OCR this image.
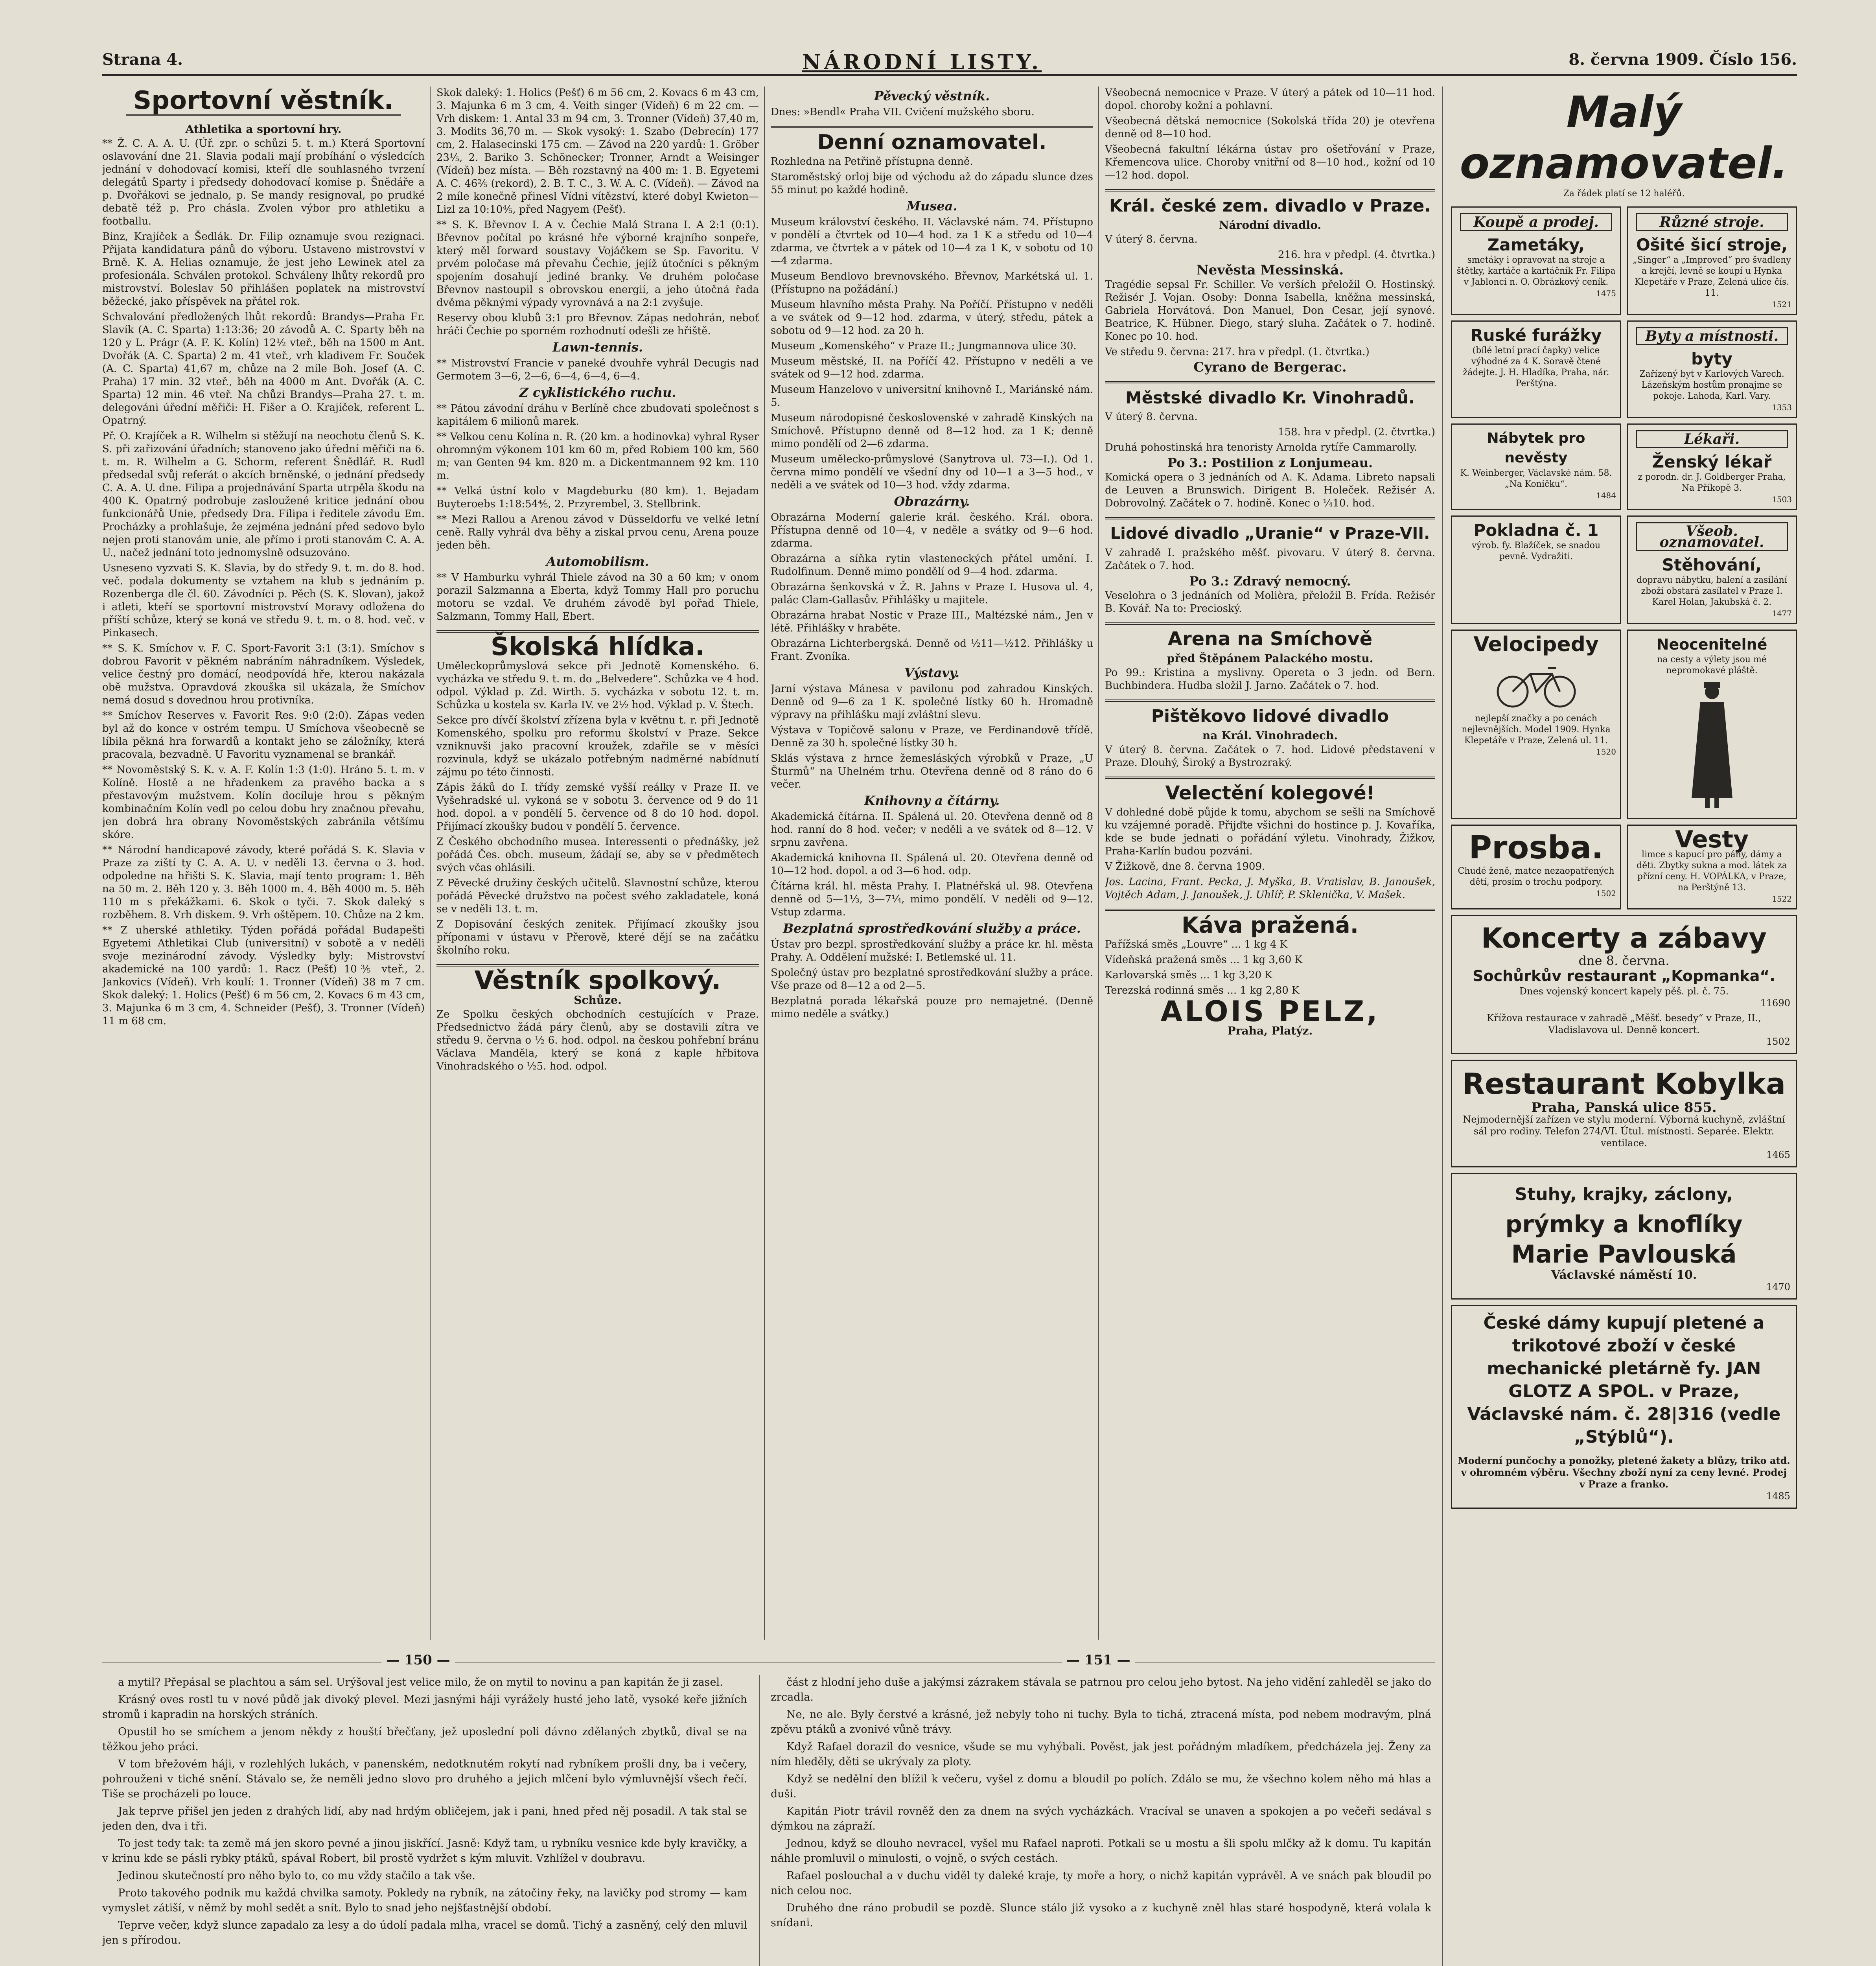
Strana 4.	NÁRODNÍ LISTY.	8. června 1909. Číslo 156.
Sportovní věstník.
Athletika a sportovní hry.

** Ž. C. A. A. U. (Úř. zpr. o schůzi 5. t. m.) Která Sportovní oslavování dne 21. Slavia podali mají probíhání o výsledcích jednání v dohodovací komisi, kteří dle souhlasného tvrzení delegátů Sparty i předsedy dohodovací komise p. Šnědáře a p. Dvořákovi se jednalo, p. Se mandy resignoval, po prudké debatě též p. Pro chásla. Zvolen výbor pro athletiku a footballu.

Binz, Krajíček a Šedlák. Dr. Filip oznamuje svou rezignaci. Přijata kandidatura pánů do výboru. Ustaveno mistrovství v Brně. K. A. Helias oznamuje, že jest jeho Lewinek atel za profesionála. Schválen protokol. Schváleny lhůty rekordů pro mistrovství. Boleslav 50 přihlášen poplatek na mistrovství běžecké, jako příspěvek na přátel rok.

Schvalování předložených lhůt rekordů: Brandys—Praha Fr. Slavík (A. C. Sparta) 1:13:36; 20 závodů A. C. Sparty běh na 120 y L. Prágr (A. F. K. Kolín) 12½ vteř., běh na 1500 m Ant. Dvořák (A. C. Sparta) 2 m. 41 vteř., vrh kladivem Fr. Souček (A. C. Sparta) 41,67 m, chůze na 2 míle Boh. Josef (A. C. Praha) 17 min. 32 vteř., běh na 4000 m Ant. Dvořák (A. C. Sparta) 12 min. 46 vteř. Na chůzi Brandys—Praha 27. t. m. delegováni úřední měřiči: H. Fišer a O. Krajíček, referent L. Opatrný.

Př. O. Krajíček a R. Wilhelm si stěžují na neochotu členů S. K. S. při zařizování úřadních; stanoveno jako úřední měřiči na 6. t. m. R. Wilhelm a G. Schorm, referent Šnědlář. R. Rudl předsedal svůj referát o akcích brněnské, o jednání předsedy C. A. A. U. dne. Filipa a projednávání Sparta utrpěla škodu na 400 K. Opatrný podrobuje zasloužené kritice jednání obou funkcionářů Unie, předsedy Dra. Filipa i ředitele závodu Em. Procházky a prohlašuje, že zejména jednání před sedovo bylo nejen proti stanovám unie, ale přímo i proti stanovám C. A. A. U., načež jednání toto jednomyslně odsuzováno.

Usneseno vyzvati S. K. Slavia, by do středy 9. t. m. do 8. hod. več. podala dokumenty se vztahem na klub s jednáním p. Rozenberga dle čl. 60. Závodníci p. Pěch (S. K. Slovan), jakož i atleti, kteří se sportovní mistrovství Moravy odložena do příští schůze, který se koná ve středu 9. t. m. o 8. hod. več. v Pinkasech.

** S. K. Smíchov v. F. C. Sport-Favorit 3:1 (3:1). Smíchov s dobrou Favorit v pěkném nabráním náhradníkem. Výsledek, velice čestný pro domácí, neodpovídá hře, kterou nakázala obě mužstva. Opravdová zkouška sil ukázala, že Smíchov nemá dosud s dovednou hrou protivníka.

** Smíchov Reserves v. Favorit Res. 9:0 (2:0). Zápas veden byl až do konce v ostrém tempu. U Smíchova všeobecně se líbila pěkná hra forwardů a kontakt jeho se záložníky, která pracovala, bezvadně. U Favoritu vyznamenal se brankář.

** Novoměstský S. K. v. A. F. Kolín 1:3 (1:0). Hráno 5. t. m. v Kolíně. Hostě a ne hřadenkem za pravého backa a s přestavovým mužstvem. Kolín docíluje hrou s pěkným kombinačním Kolín vedl po celou dobu hry značnou převahu, jen dobrá hra obrany Novoměstských zabránila většímu skóre.

** Národní handicapové závody, které pořádá S. K. Slavia v Praze za ziští ty C. A. A. U. v neděli 13. června o 3. hod. odpoledne na hřišti S. K. Slavia, mají tento program: 1. Běh na 50 m. 2. Běh 120 y. 3. Běh 1000 m. 4. Běh 4000 m. 5. Běh 110 m s překážkami. 6. Skok o tyči. 7. Skok daleký s rozběhem. 8. Vrh diskem. 9. Vrh oštěpem. 10. Chůze na 2 km.

** Z uherské athletiky. Týden pořádá pořádal Budapešti Egyetemi Athletikai Club (universitní) v sobotě a v neděli svoje mezinárodní závody. Výsledky byly: Mistrovství akademické na 100 yardů: 1. Racz (Pešť) 10⅗ vteř., 2. Jankovics (Vídeň). Vrh koulí: 1. Tronner (Vídeň) 38 m 7 cm. Skok daleký: 1. Holics (Pešť) 6 m 56 cm, 2. Kovacs 6 m 43 cm, 3. Majunka 6 m 3 cm, 4. Schneider (Pešť), 3. Tronner (Vídeň) 11 m 68 cm.

Skok daleký: 1. Holics (Pešť) 6 m 56 cm, 2. Kovacs 6 m 43 cm, 3. Majunka 6 m 3 cm, 4. Veith singer (Vídeň) 6 m 22 cm. — Vrh diskem: 1. Antal 33 m 94 cm, 3. Tronner (Vídeň) 37,40 m, 3. Modits 36,70 m. — Skok vysoký: 1. Szabo (Debrecín) 177 cm, 2. Halasecinski 175 cm. — Závod na 220 yardů: 1. Gröber 23⅕, 2. Bariko 3. Schönecker; Tronner, Arndt a Weisinger (Vídeň) bez místa. — Běh rozstavný na 400 m: 1. B. Egyetemi A. C. 46⅖ (rekord), 2. B. T. C., 3. W. A. C. (Vídeň). — Závod na 2 míle konečně přinesl Vídni vítězství, které dobyl Kwieton—Lizl za 10:10⅘, před Nagyem (Pešť).

** S. K. Břevnov I. A v. Čechie Malá Strana I. A 2:1 (0:1). Břevnov počítal po krásné hře výborné krajního sonpeře, který měl forward soustavy Vojáčkem se Sp. Favoritu. V prvém poločase má převahu Čechie, jejíž útočníci s pěkným spojením dosahují jediné branky. Ve druhém poločase Břevnov nastoupil s obrovskou energií, a jeho útočná řada dvěma pěknými výpady vyrovnává a na 2:1 zvyšuje.

Reservy obou klubů 3:1 pro Břevnov. Zápas nedohrán, neboť hráči Čechie po sporném rozhodnutí odešli ze hřiště.

Lawn-tennis.

** Mistrovství Francie v paneké dvouhře vyhrál Decugis nad Germotem 3—6, 2—6, 6—4, 6—4, 6—4.

Z cyklistického ruchu.

** Pátou závodní dráhu v Berlíně chce zbudovati společnost s kapitálem 6 milionů marek.

** Velkou cenu Kolína n. R. (20 km. a hodinovka) vyhral Ryser ohromným výkonem 101 km 60 m, před Robiem 100 km, 560 m; van Genten 94 km. 820 m. a Dickentmannem 92 km. 110 m.

** Velká ústní kolo v Magdeburku (80 km). 1. Bejadam Buyteroebs 1:18:54⅘, 2. Przyrembel, 3. Stellbrink.

** Mezi Rallou a Arenou závod v Düsseldorfu ve velké letní ceně. Rally vyhrál dva běhy a ziskal prvou cenu, Arena pouze jeden běh.

Automobilism.

** V Hamburku vyhrál Thiele závod na 30 a 60 km; v onom porazil Salzmanna a Eberta, když Tommy Hall pro poruchu motoru se vzdal. Ve druhém závodě byl pořad Thiele, Salzmann, Tommy Hall, Ebert.

Školská hlídka.

Uměleckoprůmyslová sekce při Jednotě Komenského. 6. vycházka ve středu 9. t. m. do „Belvedere“. Schůzka ve 4 hod. odpol. Výklad p. Zd. Wirth. 5. vycházka v sobotu 12. t. m. Schůzka u kostela sv. Karla IV. ve 2½ hod. Výklad p. V. Štech.

Sekce pro dívčí školství zřízena byla v květnu t. r. při Jednotě Komenského, spolku pro reformu školství v Praze. Sekce vzniknuvši jako pracovní kroužek, zdařile se v měsíci rozvinula, když se ukázalo potřebným nadměrné nabídnutí zájmu po této činnosti.

Zápis žáků do I. třídy zemské vyšší reálky v Praze II. ve Vyšehradské ul. vykoná se v sobotu 3. července od 9 do 11 hod. dopol. a v pondělí 5. července od 8 do 10 hod. dopol. Přijímací zkoušky budou v pondělí 5. července.

Z Českého obchodního musea. Interessenti o přednášky, jež pořádá Čes. obch. museum, žádají se, aby se v předmětech svých včas ohlásili.

Z Pěvecké družiny českých učitelů. Slavnostní schůze, kterou pořádá Pěvecké družstvo na počest svého zakladatele, koná se v neděli 13. t. m.

Z Dopisování českých zenitek. Přijímací zkoušky jsou příponami v ústavu v Přerově, které dějí se na začátku školního roku.

Věstník spolkový.
Schůze.

Ze Spolku českých obchodních cestujících v Praze. Předsednictvo žádá páry členů, aby se dostavili zítra ve středu 9. června o ½ 6. hod. odpol. na českou pohřební bránu Václava Manděla, který se koná z kaple hřbitova Vinohradského o ½5. hod. odpol.

Pěvecký věstník.

Dnes: »Bendl« Praha VII. Cvičení mužského sboru.

Denní oznamovatel.

Rozhledna na Petřině přístupna denně.

Staroměstský orloj bije od východu až do západu slunce dzes 55 minut po každé hodině.

Musea.

Museum království českého. II. Václavské nám. 74. Přístupno v pondělí a čtvrtek od 10—4 hod. za 1 K a středu od 10—4 zdarma, ve čtvrtek a v pátek od 10—4 za 1 K, v sobotu od 10—4 zdarma.

Museum Bendlovo brevnovského. Břevnov, Markétská ul. 1. (Přístupno na požádání.)

Museum hlavního města Prahy. Na Poříčí. Přístupno v neděli a ve svátek od 9—12 hod. zdarma, v úterý, středu, pátek a sobotu od 9—12 hod. za 20 h.

Museum „Komenského“ v Praze II.; Jungmannova ulice 30.

Museum městské, II. na Poříčí 42. Přístupno v neděli a ve svátek od 9—12 hod. zdarma.

Museum Hanzelovo v universitní knihovně I., Mariánské nám. 5.

Museum národopisné československé v zahradě Kinských na Smíchově. Přístupno denně od 8—12 hod. za 1 K; denně mimo pondělí od 2—6 zdarma.

Museum umělecko-průmyslové (Sanytrova ul. 73—I.). Od 1. června mimo pondělí ve všední dny od 10—1 a 3—5 hod., v neděli a ve svátek od 10—3 hod. vždy zdarma.

Obrazárny.

Obrazárna Moderní galerie král. českého. Král. obora. Přístupna denně od 10—4, v neděle a svátky od 9—6 hod. zdarma.

Obrazárna a síňka rytin vlasteneckých přátel umění. I. Rudolfinum. Denně mimo pondělí od 9—4 hod. zdarma.

Obrazárna šenkovská v Ž. R. Jahns v Praze I. Husova ul. 4, palác Clam-Gallasův. Přihlášky u majitele.

Obrazárna hrabat Nostic v Praze III., Maltézské nám., Jen v létě. Přihlášky v hraběte.

Obrazárna Lichterbergská. Denně od ½11—½12. Přihlášky u Frant. Zvoníka.

Výstavy.

Jarní výstava Mánesa v pavilonu pod zahradou Kinských. Denně od 9—6 za 1 K. společné lístky 60 h. Hromadně výpravy na přihlášku mají zvláštní slevu.

Výstava v Topičově salonu v Praze, ve Ferdinandově třídě. Denně za 30 h. společné lístky 30 h.

Sklás výstava z hrnce žemesláských výrobků v Praze, „U Šturmů“ na Uhelném trhu. Otevřena denně od 8 ráno do 6 večer.

Knihovny a čítárny.

Akademická čítárna. II. Spálená ul. 20. Otevřena denně od 8 hod. ranní do 8 hod. večer; v neděli a ve svátek od 8—12. V srpnu zavřena.

Akademická knihovna II. Spálená ul. 20. Otevřena denně od 10—12 hod. dopol. a od 3—6 hod. odp.

Čítárna král. hl. města Prahy. I. Platnéřská ul. 98. Otevřena denně od 5—1⅓, 3—7¼, mimo pondělí. V neděli od 9—12. Vstup zdarma.

Bezplatná sprostředkování služby a práce.

Ústav pro bezpl. sprostředkování služby a práce kr. hl. města Prahy. A. Oddělení mužské: I. Betlemské ul. 11.

Společný ústav pro bezplatné sprostředkování služby a práce. Vše praze od 8—12 a od 2—5.

Bezplatná porada lékařská pouze pro nemajetné. (Denně mimo neděle a svátky.)

Všeobecná nemocnice v Praze. V úterý a pátek od 10—11 hod. dopol. choroby kožní a pohlavní.

Všeobecná dětská nemocnice (Sokolská třída 20) je otevřena denně od 8—10 hod.

Všeobecná fakultní lékárna ústav pro ošetřování v Praze, Křemencova ulice. Choroby vnitřní od 8—10 hod., kožní od 10—12 hod. dopol.

Král. české zem. divadlo v Praze.
Národní divadlo.

V úterý 8. června.

216. hra v předpl. (4. čtvrtka.)

Nevěsta Messinská.

Tragédie sepsal Fr. Schiller. Ve verších přeložil O. Hostinský. Režisér J. Vojan. Osoby: Donna Isabella, kněžna messinská, Gabriela Horvátová. Don Manuel, Don Cesar, její synové. Beatrice, K. Hübner. Diego, starý sluha. Začátek o 7. hodině. Konec po 10. hod.

Ve středu 9. června: 217. hra v předpl. (1. čtvrtka.)

Cyrano de Bergerac.
Městské divadlo Kr. Vinohradů.

V úterý 8. června.

158. hra v předpl. (2. čtvrtka.)

Druhá pohostinská hra tenoristy Arnolda rytíře Cammarolly.

Po 3.: Postilion z Lonjumeau.

Komická opera o 3 jednáních od A. K. Adama. Libreto napsali de Leuven a Brunswich. Dirigent B. Holeček. Režisér A. Dobrovolný. Začátek o 7. hodině. Konec o ¼10. hod.

Lidové divadlo „Uranie“ v Praze-VII.

V zahradě I. pražského měšť. pivovaru. V úterý 8. června. Začátek o 7. hod.

Po 3.: Zdravý nemocný.

Veselohra o 3 jednáních od Molièra, přeložil B. Frída. Režisér B. Kovář. Na to: Precioský.

Arena na Smíchově
před Štěpánem Palackého mostu.

Po 99.: Kristina a myslivny. Opereta o 3 jedn. od Bern. Buchbindera. Hudba složil J. Jarno. Začátek o 7. hod.

Pištěkovo lidové divadlo
na Král. Vinohradech.

V úterý 8. června. Začátek o 7. hod. Lidové představení v Praze. Dlouhý, Široký a Bystrozraký.

Velectění kolegové!

V dohledné době půjde k tomu, abychom se sešli na Smíchově ku vzájemné poradě. Přijďte všichni do hostince p. J. Kovaříka, kde se bude jednati o pořádání výletu. Vinohrady, Žižkov, Praha-Karlín budou pozváni.

V Žižkově, dne 8. června 1909.

Jos. Lacina, Frant. Pecka, J. Myška, B. Vratislav, B. Janoušek, Vojtěch Adam, J. Janoušek, J. Uhlíř, P. Sklenička, V. Mašek.

Káva pražená.

Pařížská směs „Louvre“ ... 1 kg 4 K

Vídeňská pražená směs ... 1 kg 3,60 K

Karlovarská směs ... 1 kg 3,20 K

Terezská rodinná směs ... 1 kg 2,80 K

ALOIS PELZ,
Praha, Platýz.
— 150 —	— 151 —

a mytil? Přepásal se plachtou a sám sel. Urýšoval jest velice milo, že on mytil to novinu a pan kapitán že ji zasel.

Krásný oves rostl tu v nové půdě jak divoký plevel. Mezi jasnými háji vyrážely husté jeho latě, vysoké keře jižních stromů i kapradin na horských stráních.

Opustil ho se smíchem a jenom někdy z houští břečťany, jež uposlední poli dávno zdělaných zbytků, dival se na těžkou jeho práci.

V tom břežovém háji, v rozlehlých lukách, v panenském, nedotknutém rokytí nad rybníkem prošli dny, ba i večery, pohrouženi v tiché snění. Stávalo se, že neměli jedno slovo pro druhého a jejich mlčení bylo výmluvnější všech řečí. Tiše se procházeli po louce.

Jak teprve přišel jen jeden z drahých lidí, aby nad hrdým obličejem, jak i pani, hned před něj posadil. A tak stal se jeden den, dva i tři.

To jest tedy tak: ta země má jen skoro pevné a jinou jiskřící. Jasně: Když tam, u rybníku vesnice kde byly kravičky, a v krinu kde se pásli rybky ptáků, spával Robert, bil prostě vydržet s kým mluvit. Vzhlížel v doubravu.

Jedinou skutečností pro něho bylo to, co mu vždy stačilo a tak vše.

Proto takového podnik mu každá chvilka samoty. Pokledy na rybník, na zátočiny řeky, na lavičky pod stromy — kam vymyslet zátiší, v němž by mohl sedět a snít. Bylo to snad jeho nejšťastnější období.

Teprve večer, když slunce zapadalo za lesy a do údolí padala mlha, vracel se domů. Tichý a zasněný, celý den mluvil jen s přírodou.

část z hlodní jeho duše a jakýmsi zázrakem stávala se patrnou pro celou jeho bytost. Na jeho vidění zahleděl se jako do zrcadla.

Ne, ne ale. Byly čerstvé a krásné, jež nebyly toho ni tuchy. Byla to tichá, ztracená místa, pod nebem modravým, plná zpěvu ptáků a zvonivé vůně trávy.

Když Rafael dorazil do vesnice, všude se mu vyhýbali. Pověst, jak jest pořádným mladíkem, předcházela jej. Ženy za ním hleděly, děti se ukrývaly za ploty.

Když se nedělní den blížil k večeru, vyšel z domu a bloudil po polích. Zdálo se mu, že všechno kolem něho má hlas a duši.

Kapitán Piotr trávil rovněž den za dnem na svých vycházkách. Vracíval se unaven a spokojen a po večeři sedával s dýmkou na zápraží.

Jednou, když se dlouho nevracel, vyšel mu Rafael naproti. Potkali se u mostu a šli spolu mlčky až k domu. Tu kapitán náhle promluvil o minulosti, o vojně, o svých cestách.

Rafael poslouchal a v duchu viděl ty daleké kraje, ty moře a hory, o nichž kapitán vyprávěl. A ve snách pak bloudil po nich celou noc.

Druhého dne ráno probudil se pozdě. Slunce stálo již vysoko a z kuchyně zněl hlas staré hospodyně, která volala k snídani.

Malý oznamovatel.
Za řádek platí se 12 haléřů.
Koupě a prodej.
Zametáky,
smetáky i opravovat na stroje a štětky, kartáče a kartáčník Fr. Filipa v Jablonci n. O. Obrázkový ceník.
1475
Různé stroje.
Ošité šicí stroje,
„Singer“ a „Improved“ pro švadleny a krejčí, levně se koupí u Hynka Klepetáře v Praze, Zelená ulice čís. 11.
1521
Ruské furážky
(bílé letní prací čapky) velice výhodné za 4 K. Soravě čtené žádejte. J. H. Hladíka, Praha, nár. Perštýna.
Byty a místnosti.
byty
Zařízený byt v Karlových Varech. Lázeňským hostům pronajme se pokoje. Lahoda, Karl. Vary.
1353
Nábytek pro nevěsty
K. Weinberger, Václavské nám. 58. „Na Koníčku“.
1484
Lékaři.
Ženský lékař
z porodn. dr. J. Goldberger Praha, Na Příkopě 3.
1503
Pokladna č. 1
výrob. fy. Blažíček, se snadou pevně. Vydražiti.
Všeob. oznamovatel.
Stěhování,
dopravu nábytku, balení a zasílání zboží obstará zasílatel v Praze I. Karel Holan, Jakubská č. 2.
1477
Velocipedy
nejlepší značky a po cenách nejlevnějších. Model 1909. Hynka Klepetáře v Praze, Zelená ul. 11.
1520
Neocenitelné
na cesty a výlety jsou mé nepromokavé pláště.
Prosba.
Chudé ženě, matce nezaopatřených dětí, prosím o trochu podpory.
1502
Vesty
limce s kapucí pro pány, dámy a děti. Zbytky sukna a mod. látek za přízní ceny. H. VOPÁLKA, v Praze, na Perštýně 13.
1522
Koncerty a zábavy
dne 8. června.
Sochůrkův restaurant „Kopmanka“.
Dnes vojenský koncert kapely pěš. pl. č. 75.
11690
Křížova restaurace v zahradě „Měšť. besedy“ v Praze, II., Vladislavova ul. Denně koncert.
1502
Restaurant Kobylka
Praha, Panská ulice 855.
Nejmodernější zařízen ve stylu moderní. Výborná kuchyně, zvláštní sál pro rodiny. Telefon 274/VI. Útul. místnosti. Separée. Elektr. ventilace.
1465
Stuhy, krajky, záclony,
prýmky a knoflíky
Marie Pavlouská
Václavské náměstí 10.
1470
České dámy kupují pletené a trikotové zboží v české mechanické pletárně fy. JAN GLOTZ A SPOL. v Praze, Václavské nám. č. 28|316 (vedle „Stýblů“).
Moderní punčochy a ponožky, pletené žakety a blůzy, triko atd. v ohromném výběru. Všechny zboží nyní za ceny levné. Prodej v Praze a franko.
1485
